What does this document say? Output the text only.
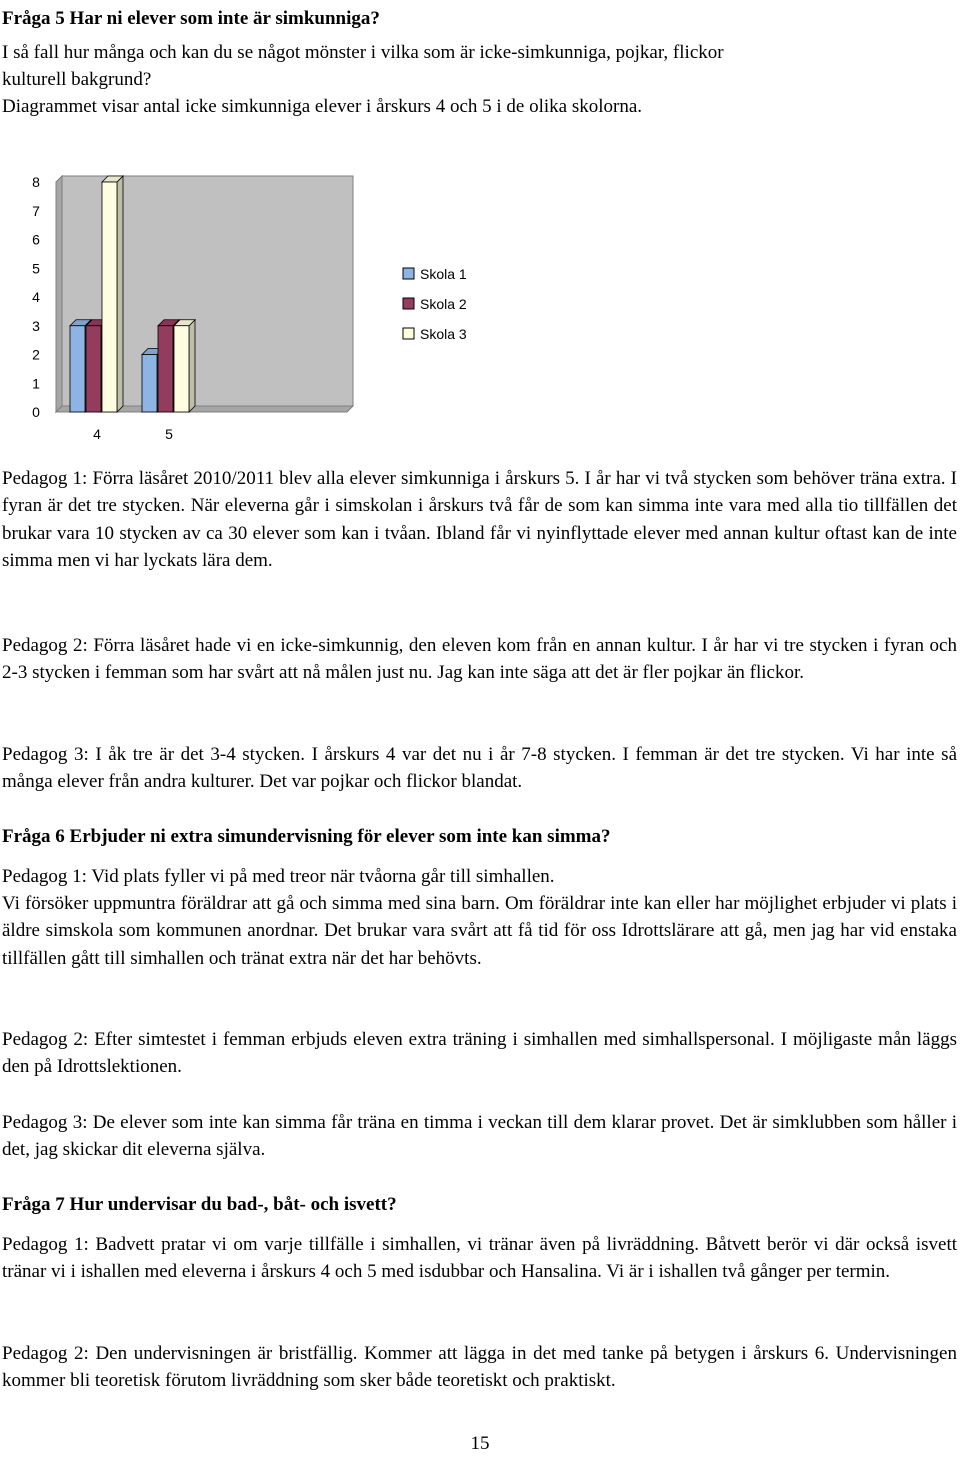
Fråga 5 Har ni elever som inte är simkunniga?
I så fall hur många och kan du se något mönster i vilka som är icke-simkunniga, pojkar, flickor
kulturell bakgrund?
Diagrammet visar antal icke simkunniga elever i årskurs 4 och 5 i de olika skolorna.
0
1
2
3
4
5
6
7
8
4	5
Skola 1
Skola 2
Skola 3
Pedagog 1: Förra läsåret 2010/2011 blev alla elever simkunniga i årskurs 5. I år har vi två stycken som behöver träna extra. I fyran är det tre stycken. När eleverna går i simskolan i årskurs två får de som kan simma inte vara med alla tio tillfällen det brukar vara 10 stycken av ca 30 elever som kan i tvåan. Ibland får vi nyinflyttade elever med annan kultur oftast kan de inte simma men vi har lyckats lära dem.
Pedagog 2: Förra läsåret hade vi en icke-simkunnig, den eleven kom från en annan kultur. I år har vi tre stycken i fyran och 2-3 stycken i femman som har svårt att nå målen just nu. Jag kan inte säga att det är fler pojkar än flickor.
Pedagog 3: I åk tre är det 3-4 stycken. I årskurs 4 var det nu i år 7-8 stycken. I femman är det tre stycken. Vi har inte så många elever från andra kulturer. Det var pojkar och flickor blandat.
Fråga 6 Erbjuder ni extra simundervisning för elever som inte kan simma?
Pedagog 1: Vid plats fyller vi på med treor när tvåorna går till simhallen.
Vi försöker uppmuntra föräldrar att gå och simma med sina barn. Om föräldrar inte kan eller har möjlighet erbjuder vi plats i äldre simskola som kommunen anordnar. Det brukar vara svårt att få tid för oss Idrottslärare att gå, men jag har vid enstaka tillfällen gått till simhallen och tränat extra när det har behövts.
Pedagog 2: Efter simtestet i femman erbjuds eleven extra träning i simhallen med simhallspersonal. I möjligaste mån läggs den på Idrottslektionen.
Pedagog 3: De elever som inte kan simma får träna en timma i veckan till dem klarar provet. Det är simklubben som håller i det, jag skickar dit eleverna själva.
Fråga 7 Hur undervisar du bad-, båt- och isvett?
Pedagog 1: Badvett pratar vi om varje tillfälle i simhallen, vi tränar även på livräddning. Båtvett berör vi där också isvett tränar vi i ishallen med eleverna i årskurs 4 och 5 med isdubbar och Hansalina. Vi är i ishallen två gånger per termin.
Pedagog 2: Den undervisningen är bristfällig. Kommer att lägga in det med tanke på betygen i årskurs 6. Undervisningen kommer bli teoretisk förutom livräddning som sker både teoretiskt och praktiskt.
15
